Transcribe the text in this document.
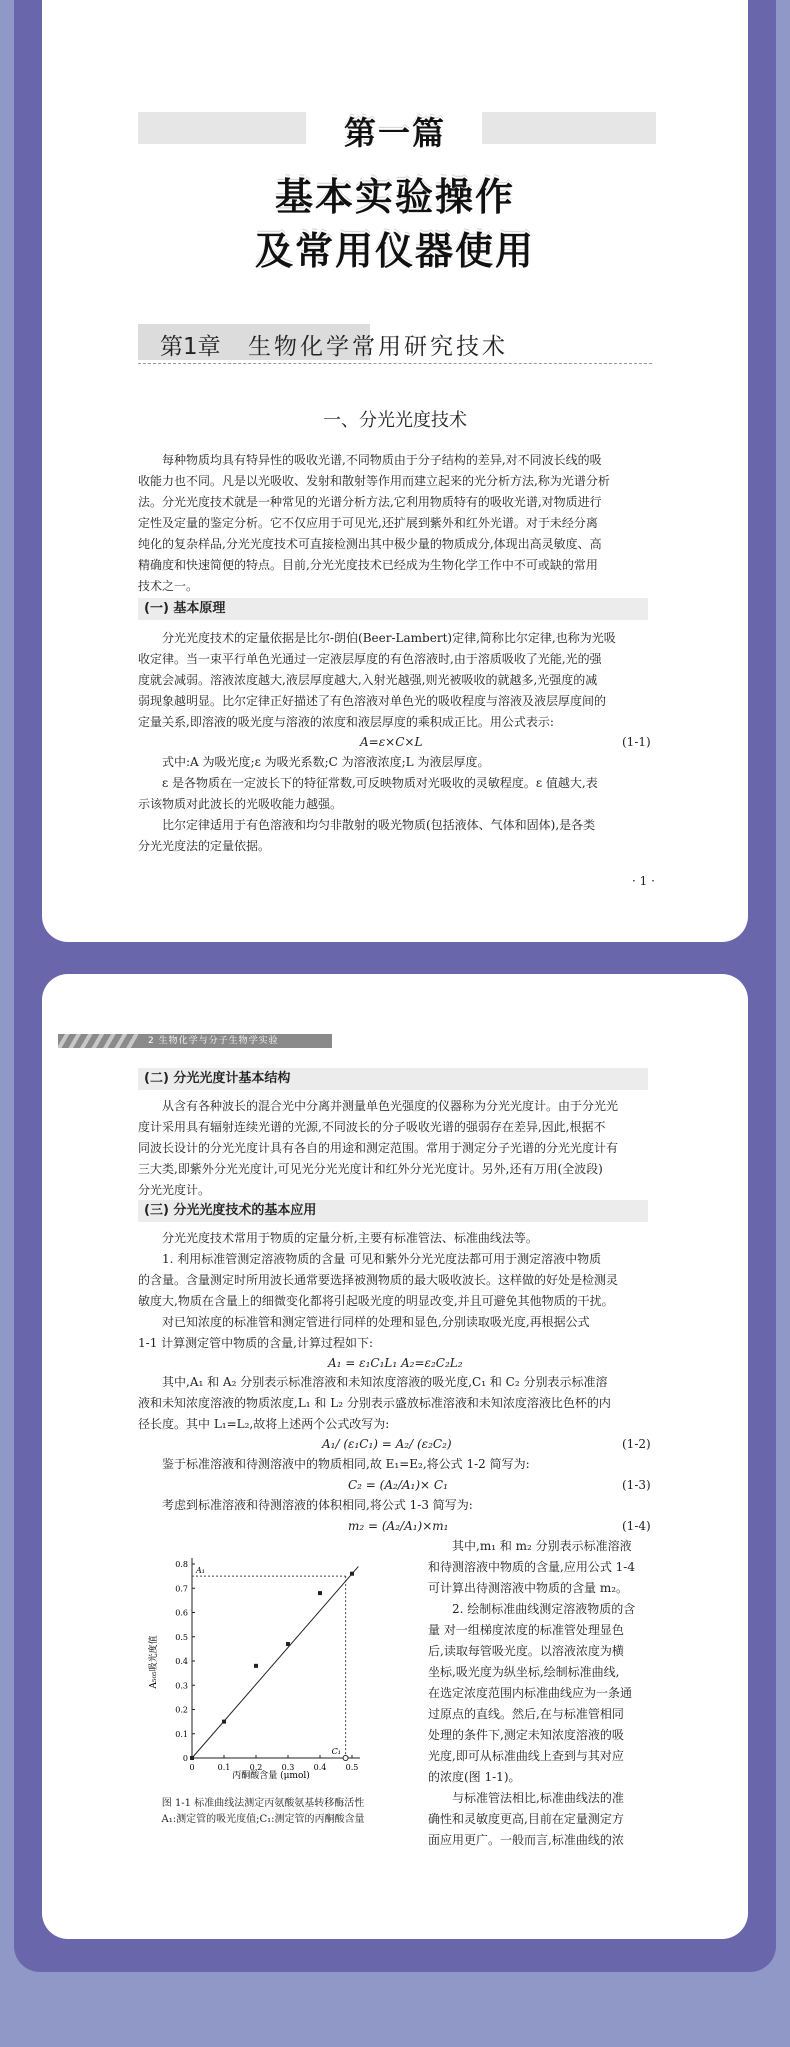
第一篇
基本实验操作
及常用仪器使用
第1章 生物化学常用研究技术
一、分光光度技术
每种物质均具有特异性的吸收光谱,不同物质由于分子结构的差异,对不同波长线的吸
收能力也不同。凡是以光吸收、发射和散射等作用而建立起来的光分析方法,称为光谱分析
法。分光光度技术就是一种常见的光谱分析方法,它利用物质特有的吸收光谱,对物质进行
定性及定量的鉴定分析。它不仅应用于可见光,还扩展到紫外和红外光谱。对于未经分离
纯化的复杂样品,分光光度技术可直接检测出其中极少量的物质成分,体现出高灵敏度、高
精确度和快速简便的特点。目前,分光光度技术已经成为生物化学工作中不可或缺的常用
技术之一。
(一) 基本原理
分光光度技术的定量依据是比尔-朗伯(Beer-Lambert)定律,简称比尔定律,也称为光吸
收定律。当一束平行单色光通过一定液层厚度的有色溶液时,由于溶质吸收了光能,光的强
度就会减弱。溶液浓度越大,液层厚度越大,入射光越强,则光被吸收的就越多,光强度的减
弱现象越明显。比尔定律正好描述了有色溶液对单色光的吸收程度与溶液及液层厚度间的
定量关系,即溶液的吸光度与溶液的浓度和液层厚度的乘积成正比。用公式表示:
A=ε×C×L	(1-1)
式中:A 为吸光度;ε 为吸光系数;C 为溶液浓度;L 为液层厚度。
ε 是各物质在一定波长下的特征常数,可反映物质对光吸收的灵敏程度。ε 值越大,表
示该物质对此波长的光吸收能力越强。
比尔定律适用于有色溶液和均匀非散射的吸光物质(包括液体、气体和固体),是各类
分光光度法的定量依据。
· 1 ·
2 生物化学与分子生物学实验
(二) 分光光度计基本结构
从含有各种波长的混合光中分离并测量单色光强度的仪器称为分光光度计。由于分光光
度计采用具有辐射连续光谱的光源,不同波长的分子吸收光谱的强弱存在差异,因此,根据不
同波长设计的分光光度计具有各自的用途和测定范围。常用于测定分子光谱的分光光度计有
三大类,即紫外分光光度计,可见光分光光度计和红外分光光度计。另外,还有万用(全波段)
分光光度计。
(三) 分光光度技术的基本应用
分光光度技术常用于物质的定量分析,主要有标准管法、标准曲线法等。
1. 利用标准管测定溶液物质的含量 可见和紫外分光光度法都可用于测定溶液中物质
的含量。含量测定时所用波长通常要选择被测物质的最大吸收波长。这样做的好处是检测灵
敏度大,物质在含量上的细微变化都将引起吸光度的明显改变,并且可避免其他物质的干扰。
对已知浓度的标准管和测定管进行同样的处理和显色,分别读取吸光度,再根据公式
1-1 计算测定管中物质的含量,计算过程如下:
A₁ = ε₁C₁L₁ A₂=ε₂C₂L₂
其中,A₁ 和 A₂ 分别表示标准溶液和未知浓度溶液的吸光度,C₁ 和 C₂ 分别表示标准溶
液和未知浓度溶液的物质浓度,L₁ 和 L₂ 分别表示盛放标准溶液和未知浓度溶液比色杯的内
径长度。其中 L₁=L₂,故将上述两个公式改写为:
A₁/ (ε₁C₁) = A₂/ (ε₂C₂)	(1-2)
鉴于标准溶液和待测溶液中的物质相同,故 E₁=E₂,将公式 1-2 简写为:
C₂ = (A₂/A₁)× C₁	(1-3)
考虑到标准溶液和待测溶液的体积相同,将公式 1-3 简写为:
m₂ = (A₂/A₁)×m₁	(1-4)
0	0.1 0.2 0.3 0.4 0.5
0
0.1
0.2
0.3
0.4
0.5
0.6
0.7
0.8
A₁
C₁
A₅₀₅吸光度值
丙酮酸含量 (μmol)
图 1-1 标准曲线法测定丙氨酸氨基转移酶活性
A₁:测定管的吸光度值;C₁:测定管的丙酮酸含量
其中,m₁ 和 m₂ 分别表示标准溶液
和待测溶液中物质的含量,应用公式 1-4
可计算出待测溶液中物质的含量 m₂。
2. 绘制标准曲线测定溶液物质的含
量 对一组梯度浓度的标准管处理显色
后,读取每管吸光度。以溶液浓度为横
坐标,吸光度为纵坐标,绘制标准曲线,
在选定浓度范围内标准曲线应为一条通
过原点的直线。然后,在与标准管相同
处理的条件下,测定未知浓度溶液的吸
光度,即可从标准曲线上查到与其对应
的浓度(图 1-1)。
与标准管法相比,标准曲线法的准
确性和灵敏度更高,目前在定量测定方
面应用更广。一般而言,标准曲线的浓
